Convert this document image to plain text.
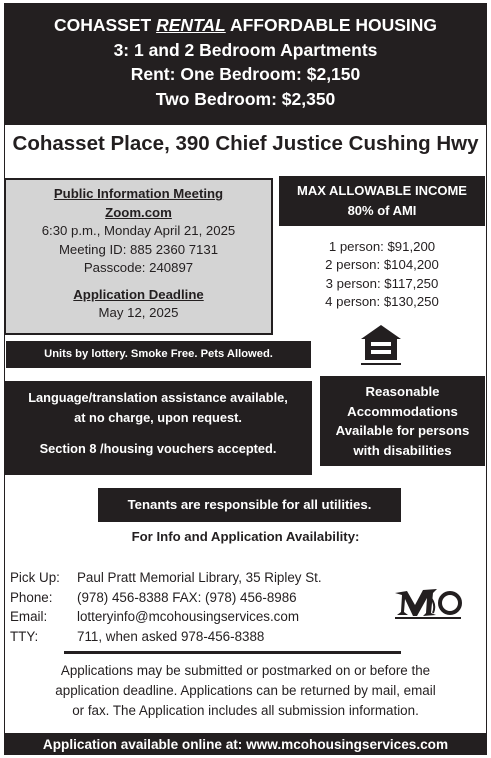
COHASSET RENTAL AFFORDABLE HOUSING
3: 1 and 2 Bedroom Apartments
Rent: One Bedroom: $2,150
Two Bedroom: $2,350
Cohasset Place, 390 Chief Justice Cushing Hwy
Public Information Meeting
Zoom.com
6:30 p.m., Monday April 21, 2025
Meeting ID: 885 2360 7131
Passcode: 240897
Application Deadline
May 12, 2025
MAX ALLOWABLE INCOME
80% of AMI
1 person: $91,200
2 person: $104,200
3 person: $117,250
4 person: $130,250
Units by lottery. Smoke Free. Pets Allowed.
Language/translation assistance available,
at no charge, upon request.
Section 8 /housing vouchers accepted.
Reasonable
Accommodations
Available for persons
with disabilities
Tenants are responsible for all utilities.
For Info and Application Availability:
Pick Up:	Paul Pratt Memorial Library, 35 Ripley St.
Phone:	(978) 456-8388 FAX: (978) 456-8986
Email:	lotteryinfo@mcohousingservices.com
TTY:	711, when asked 978-456-8388
Applications may be submitted or postmarked on or before the
application deadline. Applications can be returned by mail, email
or fax. The Application includes all submission information.
Application available online at: www.mcohousingservices.com
